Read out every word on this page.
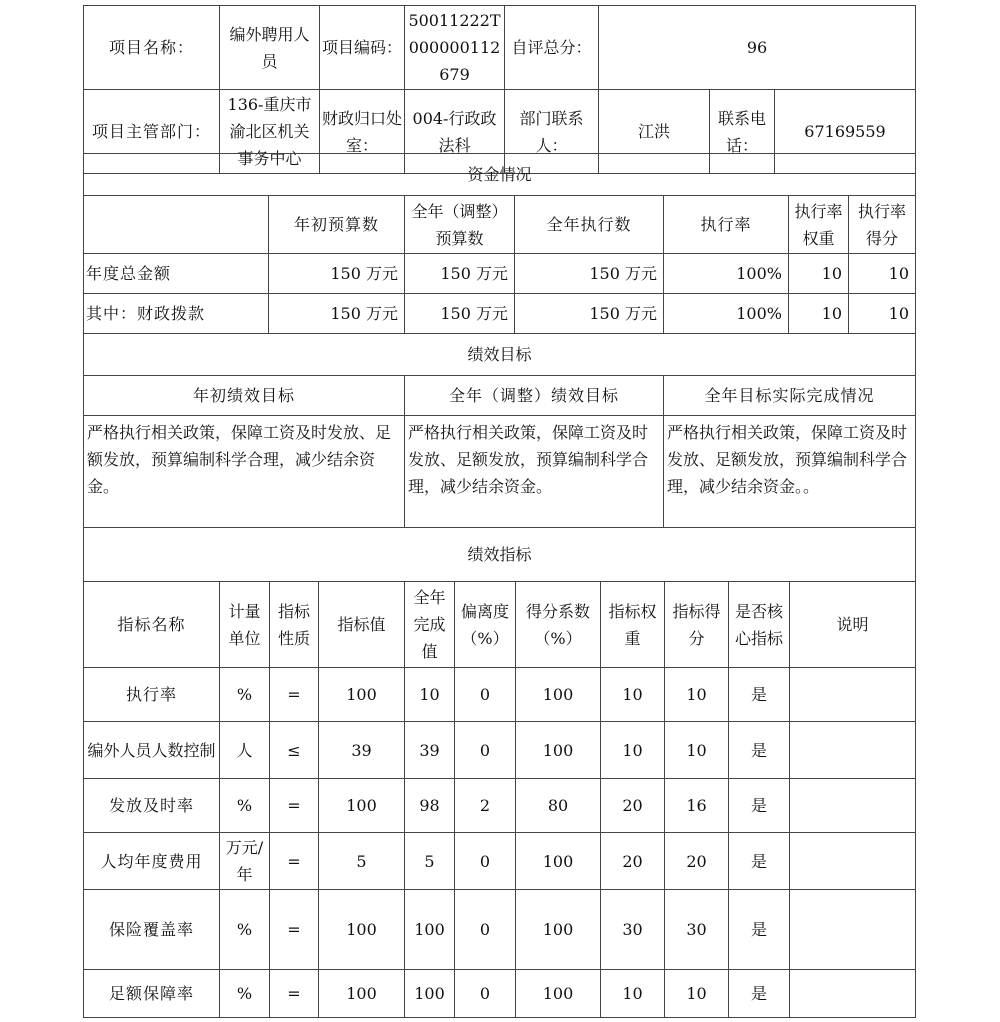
项目名称：	编外聘用人员	项目编码：	50011222T000000112679	自评总分：	96		
项目主管部门：	136-重庆市渝北区机关事务中心	财政归口处室：	004-行政政法科	部门联系人：	江洪	联系电话：	67169559
资金情况						
	年初预算数	全年（调整）预算数	全年执行数	执行率	执行率权重	执行率得分
年度总金额	150 万元	150 万元	150 万元	100%	10	10
其中：财政拨款	150 万元	150 万元	150 万元	100%	10	10
绩效目标		
年初绩效目标	全年（调整）绩效目标	全年目标实际完成情况
严格执行相关政策，保障工资及时发放、足额发放，预算编制科学合理，减少结余资金。	严格执行相关政策，保障工资及时发放、足额发放，预算编制科学合理，减少结余资金。	严格执行相关政策，保障工资及时发放、足额发放，预算编制科学合理，减少结余资金。。
绩效指标										
指标名称	计量单位	指标性质	指标值	全年完成值	偏离度（%）	得分系数（%）	指标权重	指标得分	是否核心指标	说明
执行率	%	=	100	10	0	100	10	10	是	
编外人员人数控制	人	≤	39	39	0	100	10	10	是	
发放及时率	%	=	100	98	2	80	20	16	是	
人均年度费用	万元/年	=	5	5	0	100	20	20	是	
保险覆盖率	%	=	100	100	0	100	30	30	是	
足额保障率	%	=	100	100	0	100	10	10	是	
